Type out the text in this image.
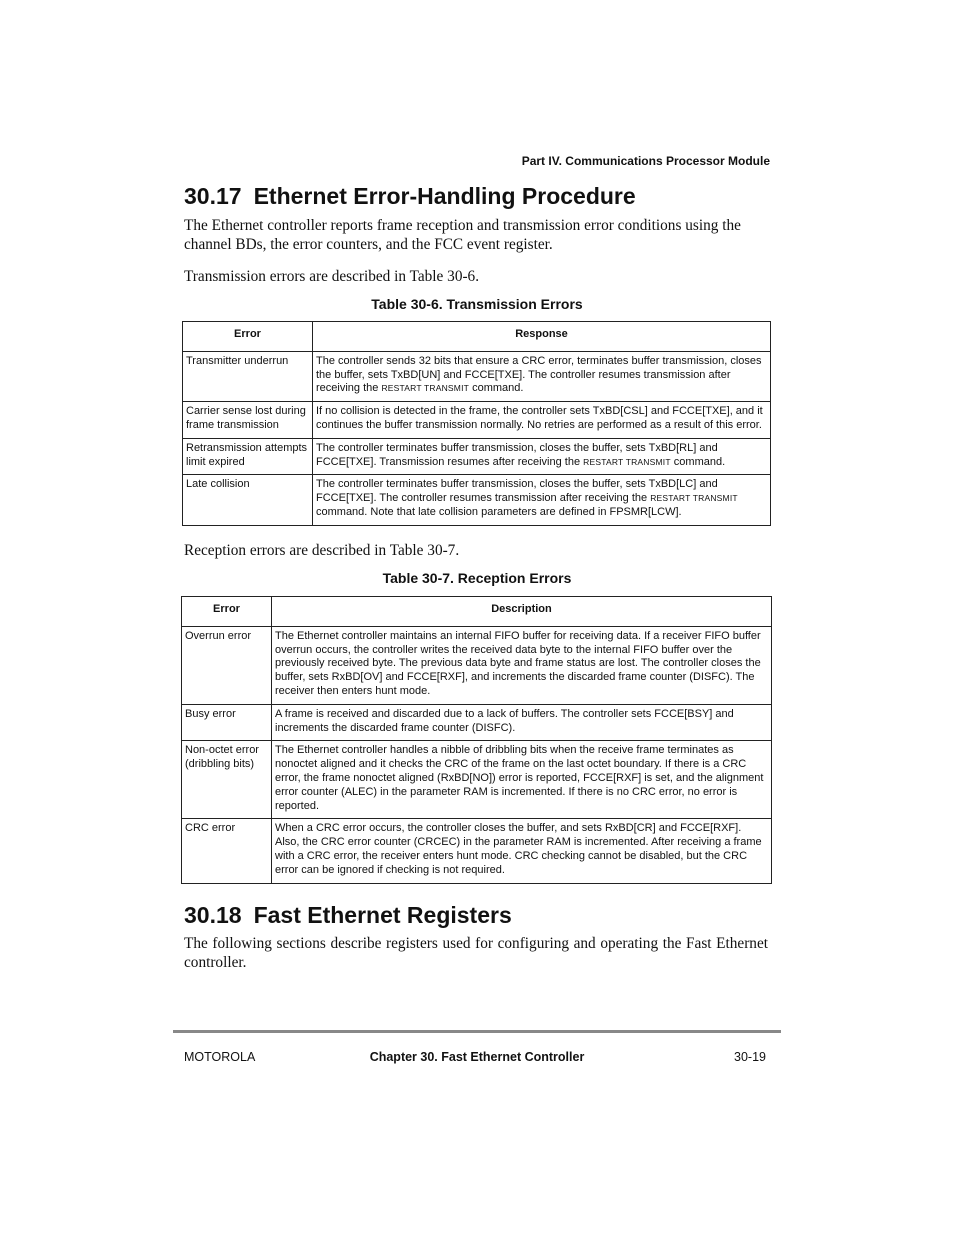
Part IV. Communications Processor Module
30.17 Ethernet Error-Handling Procedure

The Ethernet controller reports frame reception and transmission error conditions using the channel BDs, the error counters, and the FCC event register.

Transmission errors are described in Table 30-6.

Table 30-6. Transmission Errors
Error	Response
Transmitter underrun	The controller sends 32 bits that ensure a CRC error, terminates buffer transmission, closes the buffer, sets TxBD[UN] and FCCE[TXE]. The controller resumes transmission after receiving the RESTART TRANSMIT command.
Carrier sense lost during frame transmission	If no collision is detected in the frame, the controller sets TxBD[CSL] and FCCE[TXE], and it continues the buffer transmission normally. No retries are performed as a result of this error.
Retransmission attempts limit expired	The controller terminates buffer transmission, closes the buffer, sets TxBD[RL] and FCCE[TXE]. Transmission resumes after receiving the RESTART TRANSMIT command.
Late collision	The controller terminates buffer transmission, closes the buffer, sets TxBD[LC] and FCCE[TXE]. The controller resumes transmission after receiving the RESTART TRANSMIT command. Note that late collision parameters are defined in FPSMR[LCW].

Reception errors are described in Table 30-7.

Table 30-7. Reception Errors
Error	Description
Overrun error	The Ethernet controller maintains an internal FIFO buffer for receiving data. If a receiver FIFO buffer overrun occurs, the controller writes the received data byte to the internal FIFO buffer over the previously received byte. The previous data byte and frame status are lost. The controller closes the buffer, sets RxBD[OV] and FCCE[RXF], and increments the discarded frame counter (DISFC). The receiver then enters hunt mode.
Busy error	A frame is received and discarded due to a lack of buffers. The controller sets FCCE[BSY] and increments the discarded frame counter (DISFC).
Non-octet error (dribbling bits)	The Ethernet controller handles a nibble of dribbling bits when the receive frame terminates as nonoctet aligned and it checks the CRC of the frame on the last octet boundary. If there is a CRC error, the frame nonoctet aligned (RxBD[NO]) error is reported, FCCE[RXF] is set, and the alignment error counter (ALEC) in the parameter RAM is incremented. If there is no CRC error, no error is reported.
CRC error	When a CRC error occurs, the controller closes the buffer, and sets RxBD[CR] and FCCE[RXF]. Also, the CRC error counter (CRCEC) in the parameter RAM is incremented. After receiving a frame with a CRC error, the receiver enters hunt mode. CRC checking cannot be disabled, but the CRC error can be ignored if checking is not required.
30.18 Fast Ethernet Registers

The following sections describe registers used for configuring and operating the Fast Ethernet controller.

MOTOROLA	Chapter 30. Fast Ethernet Controller	30-19
